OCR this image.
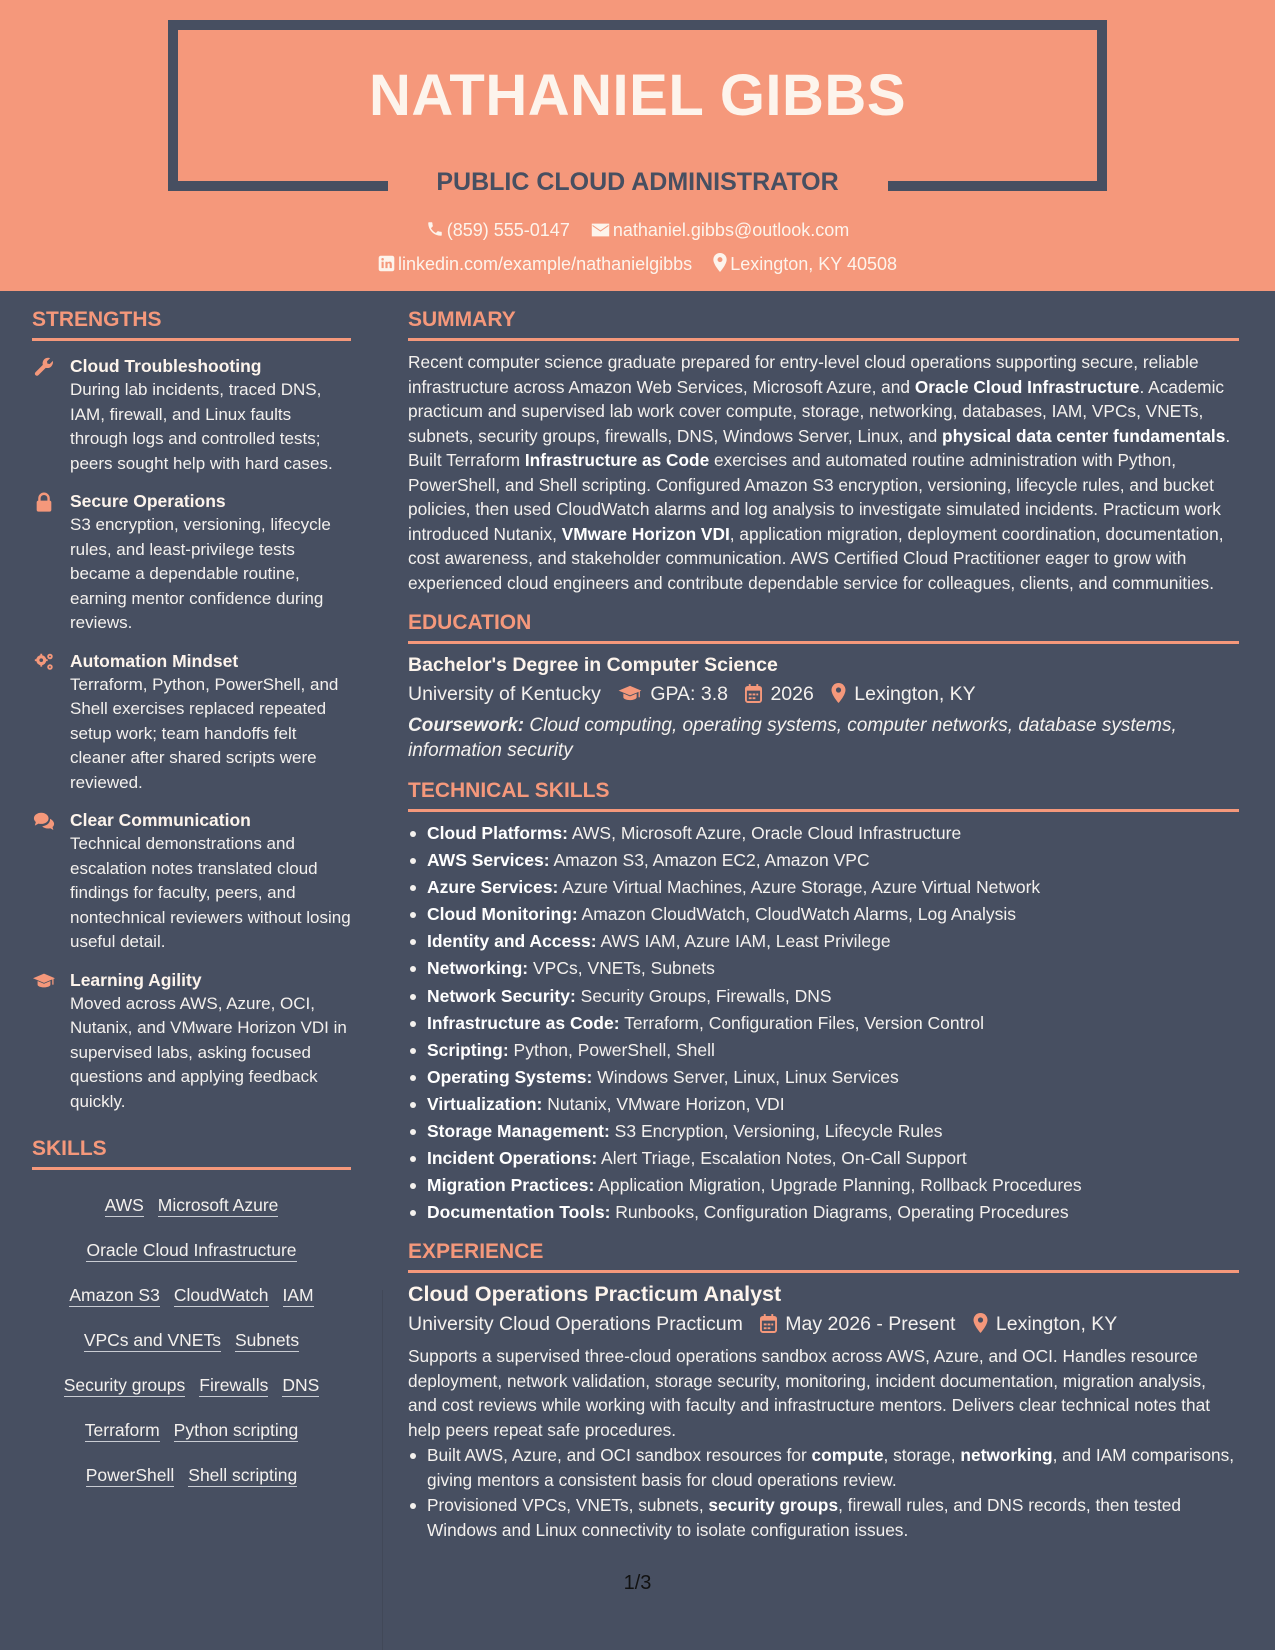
NATHANIEL GIBBS
PUBLIC CLOUD ADMINISTRATOR
(859) 555-0147 nathaniel.gibbs@outlook.com
linkedin.com/example/nathanielgibbs Lexington, KY 40508
STRENGTHS
Cloud Troubleshooting
During lab incidents, traced DNS, IAM, firewall, and Linux faults through logs and controlled tests; peers sought help with hard cases.
Secure Operations
S3 encryption, versioning, lifecycle rules, and least-privilege tests became a dependable routine, earning mentor confidence during reviews.
Automation Mindset
Terraform, Python, PowerShell, and Shell exercises replaced repeated setup work; team handoffs felt cleaner after shared scripts were reviewed.
Clear Communication
Technical demonstrations and escalation notes translated cloud findings for faculty, peers, and nontechnical reviewers without losing useful detail.
Learning Agility
Moved across AWS, Azure, OCI, Nutanix, and VMware Horizon VDI in supervised labs, asking focused questions and applying feedback quickly.
SKILLS
AWS Microsoft Azure
Oracle Cloud Infrastructure
Amazon S3 CloudWatch IAM
VPCs and VNETs Subnets
Security groups Firewalls DNS
Terraform Python scripting
PowerShell Shell scripting
SUMMARY
Recent computer science graduate prepared for entry-level cloud operations supporting secure, reliable infrastructure across Amazon Web Services, Microsoft Azure, and Oracle Cloud Infrastructure. Academic practicum and supervised lab work cover compute, storage, networking, databases, IAM, VPCs, VNETs, subnets, security groups, firewalls, DNS, Windows Server, Linux, and physical data center fundamentals. Built Terraform Infrastructure as Code exercises and automated routine administration with Python, PowerShell, and Shell scripting. Configured Amazon S3 encryption, versioning, lifecycle rules, and bucket policies, then used CloudWatch alarms and log analysis to investigate simulated incidents. Practicum work introduced Nutanix, VMware Horizon VDI, application migration, deployment coordination, documentation, cost awareness, and stakeholder communication. AWS Certified Cloud Practitioner eager to grow with experienced cloud engineers and contribute dependable service for colleagues, clients, and communities.
EDUCATION
Bachelor's Degree in Computer Science
University of Kentucky	GPA: 3.8 2026 Lexington, KY
Coursework: Cloud computing, operating systems, computer networks, database systems, information security
TECHNICAL SKILLS
Cloud Platforms: AWS, Microsoft Azure, Oracle Cloud Infrastructure
AWS Services: Amazon S3, Amazon EC2, Amazon VPC
Azure Services: Azure Virtual Machines, Azure Storage, Azure Virtual Network
Cloud Monitoring: Amazon CloudWatch, CloudWatch Alarms, Log Analysis
Identity and Access: AWS IAM, Azure IAM, Least Privilege
Networking: VPCs, VNETs, Subnets
Network Security: Security Groups, Firewalls, DNS
Infrastructure as Code: Terraform, Configuration Files, Version Control
Scripting: Python, PowerShell, Shell
Operating Systems: Windows Server, Linux, Linux Services
Virtualization: Nutanix, VMware Horizon, VDI
Storage Management: S3 Encryption, Versioning, Lifecycle Rules
Incident Operations: Alert Triage, Escalation Notes, On-Call Support
Migration Practices: Application Migration, Upgrade Planning, Rollback Procedures
Documentation Tools: Runbooks, Configuration Diagrams, Operating Procedures
EXPERIENCE
Cloud Operations Practicum Analyst
University Cloud Operations Practicum May 2026 - Present Lexington, KY
Supports a supervised three-cloud operations sandbox across AWS, Azure, and OCI. Handles resource deployment, network validation, storage security, monitoring, incident documentation, migration analysis, and cost reviews while working with faculty and infrastructure mentors. Delivers clear technical notes that help peers repeat safe procedures.
Built AWS, Azure, and OCI sandbox resources for compute, storage, networking, and IAM comparisons, giving mentors a consistent basis for cloud operations review.
Provisioned VPCs, VNETs, subnets, security groups, firewall rules, and DNS records, then tested Windows and Linux connectivity to isolate configuration issues.
1/3
